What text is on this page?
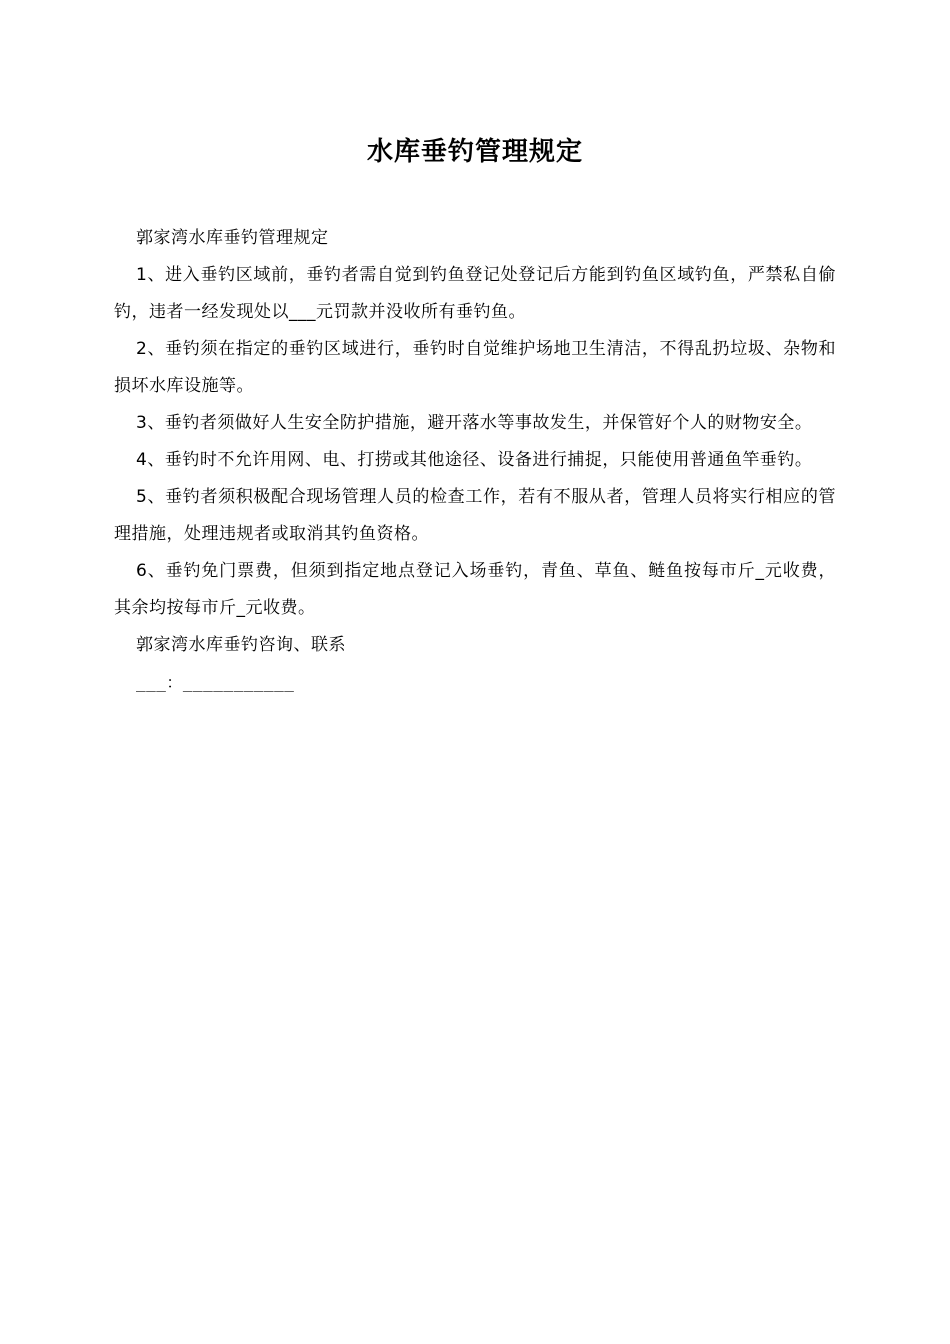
水库垂钓管理规定

郭家湾水库垂钓管理规定

1、进入垂钓区域前，垂钓者需自觉到钓鱼登记处登记后方能到钓鱼区域钓鱼，严禁私自偷钓，违者一经发现处以___元罚款并没收所有垂钓鱼。

2、垂钓须在指定的垂钓区域进行，垂钓时自觉维护场地卫生清洁，不得乱扔垃圾、杂物和损坏水库设施等。

3、垂钓者须做好人生安全防护措施，避开落水等事故发生，并保管好个人的财物安全。

4、垂钓时不允许用网、电、打捞或其他途径、设备进行捕捉，只能使用普通鱼竿垂钓。

5、垂钓者须积极配合现场管理人员的检查工作，若有不服从者，管理人员将实行相应的管理措施，处理违规者或取消其钓鱼资格。

6、垂钓免门票费，但须到指定地点登记入场垂钓，青鱼、草鱼、鲢鱼按每市斤_元收费，其余均按每市斤_元收费。

郭家湾水库垂钓咨询、联系

___：___________
